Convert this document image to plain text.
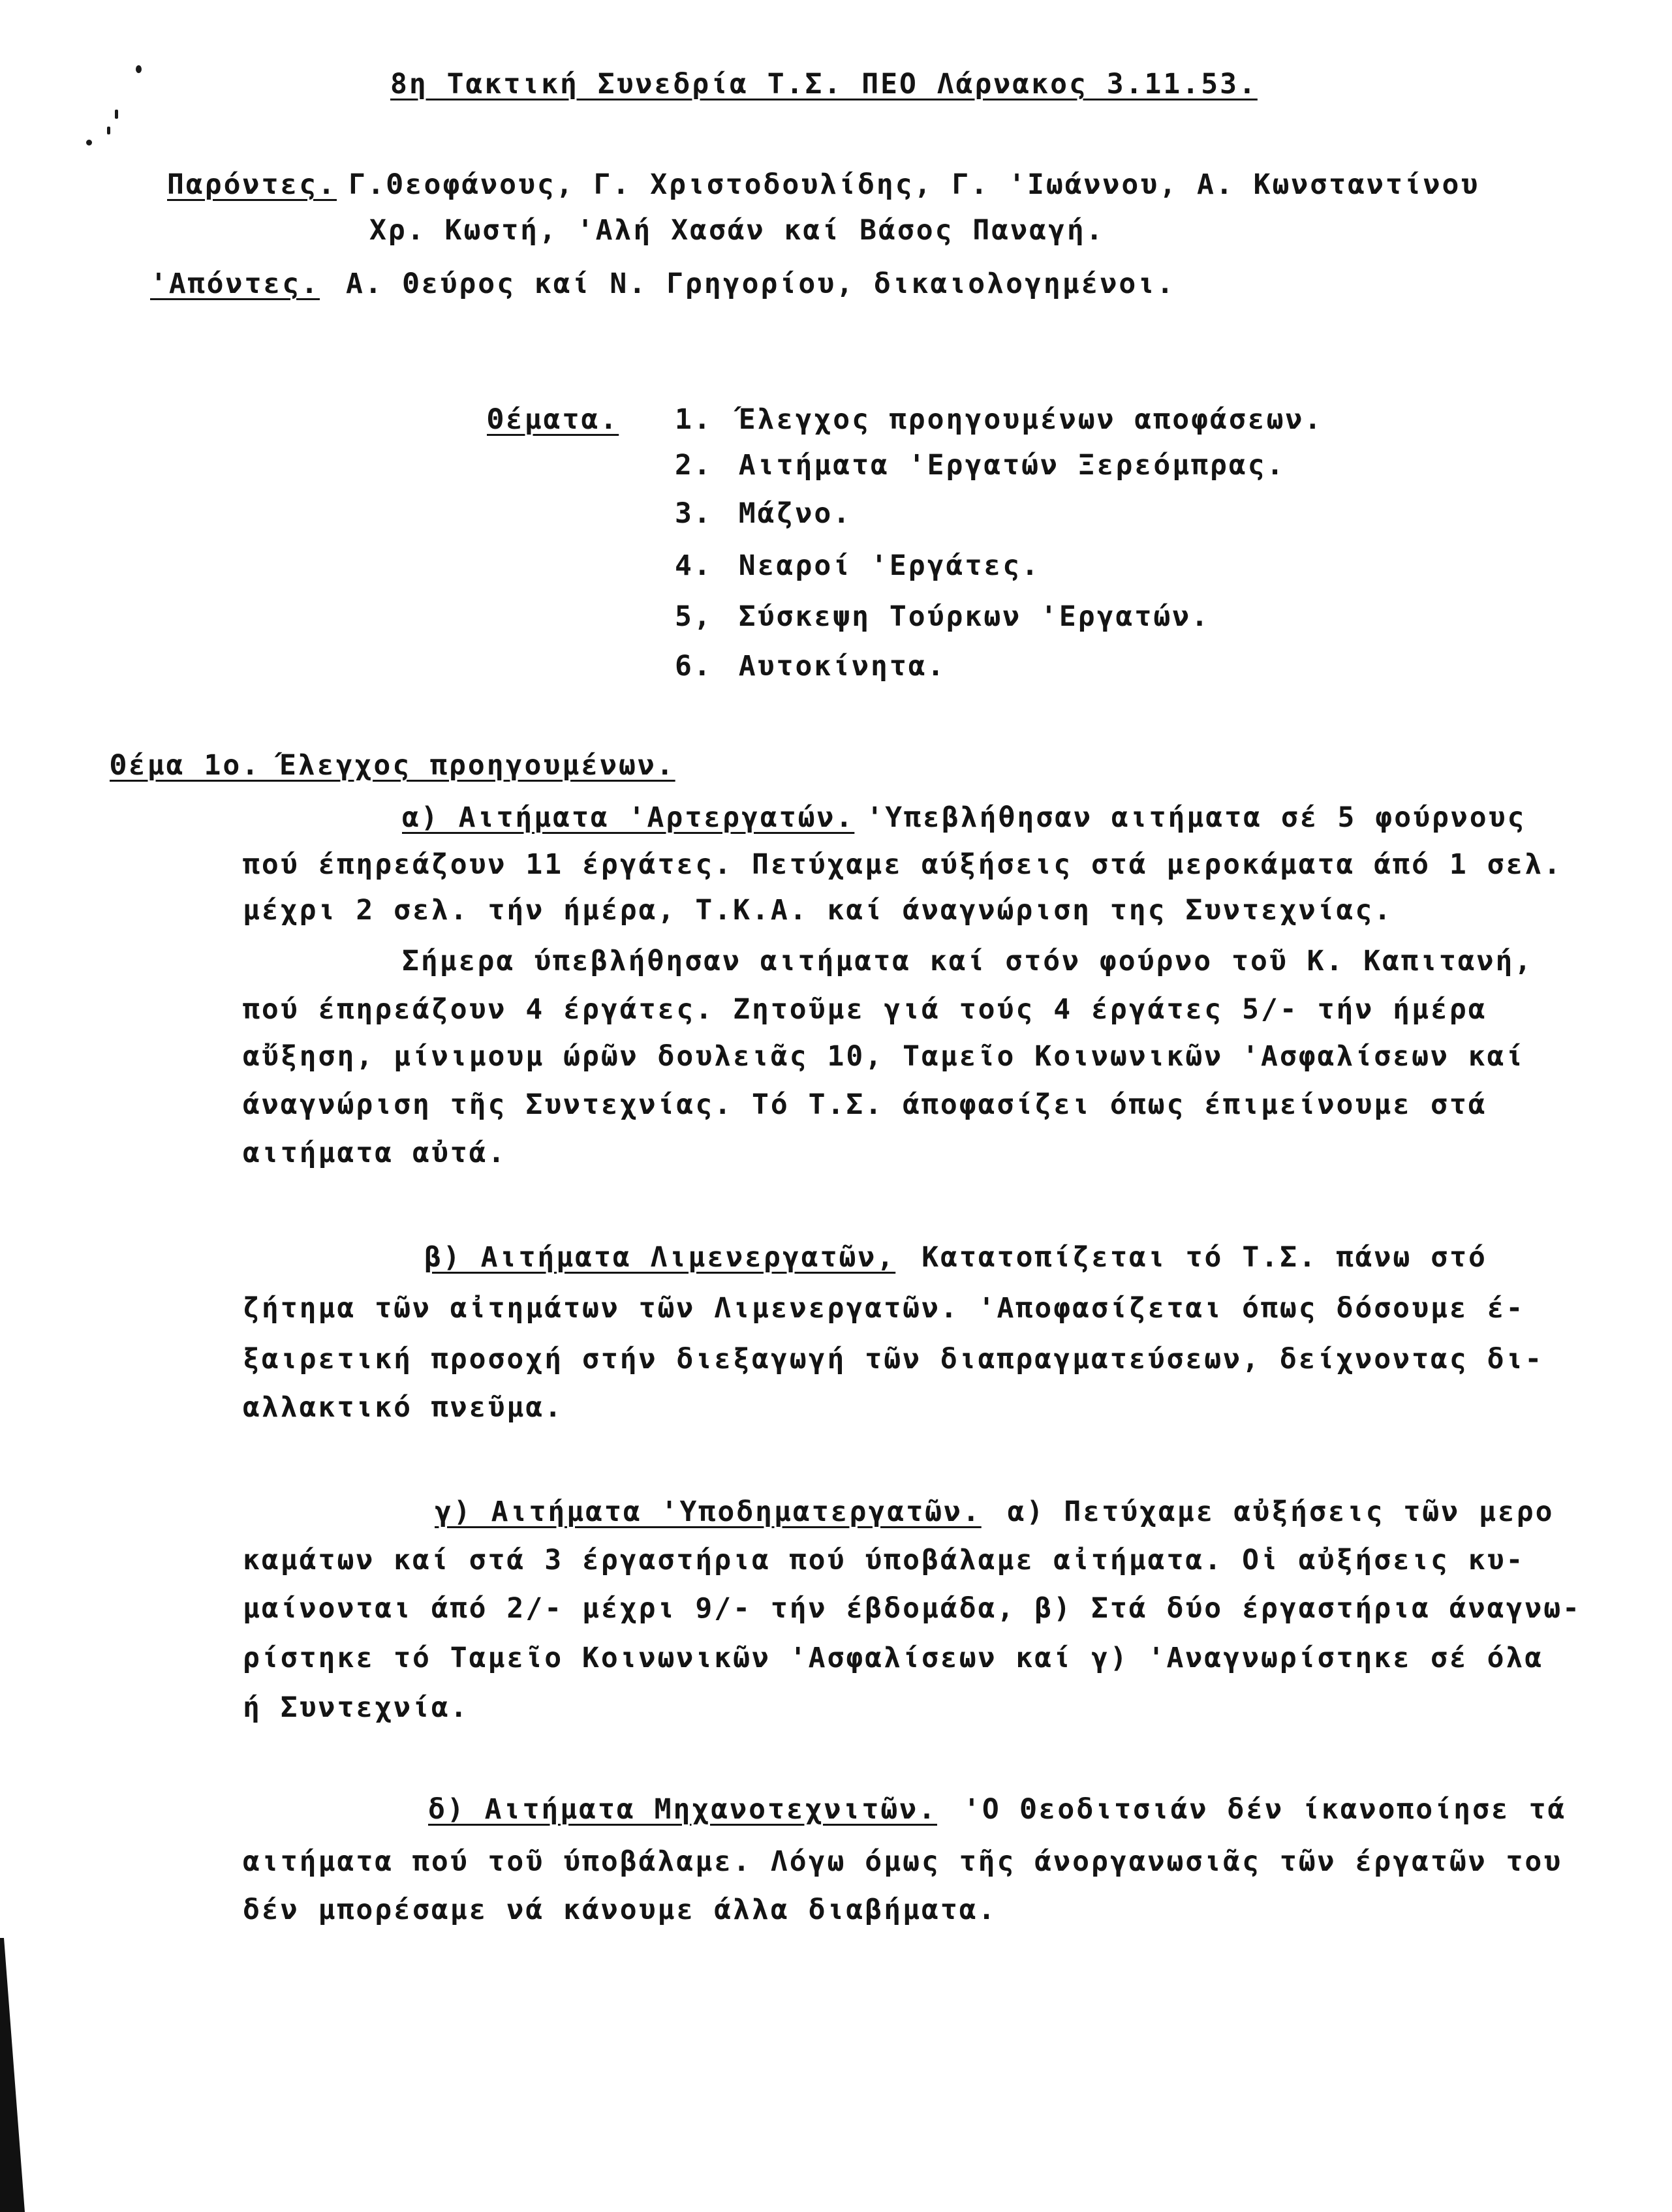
8η Τακτική Συνεδρία Τ.Σ. ΠΕΟ Λάρνακος 3.11.53.
Παρόντες. Γ.Θεοφάνους, Γ. Χριστοδουλίδης, Γ. 'Ιωάννου, Α. Κωνσταντίνου
Χρ. Κωστή, 'Αλή Χασάν καί Βάσος Παναγή.
'Απόντες. Α. Θεύρος καί Ν. Γρηγορίου, δικαιολογημένοι.
Θέματα. 1. Έλεγχος προηγουμένων αποφάσεων.
2. Αιτήματα 'Εργατών Ξερεόμπρας.
3. Μάζνο.
4. Νεαροί 'Εργάτες.
5, Σύσκεψη Τούρκων 'Εργατών.
6. Αυτοκίνητα.
Θέμα 1ο. Έλεγχος προηγουμένων.
α) Αιτήματα 'Αρτεργατών. 'Υπεβλήθησαν αιτήματα σέ 5 φούρνους
πού έπηρεάζουν 11 έργάτες. Πετύχαμε αύξήσεις στά μεροκάματα άπό 1 σελ.
μέχρι 2 σελ. τήν ήμέρα, Τ.Κ.Α. καί άναγνώριση της Συντεχνίας.
Σήμερα ύπεβλήθησαν αιτήματα καί στόν φούρνο τοῦ Κ. Καπιτανή,
πού έπηρεάζουν 4 έργάτες. Ζητοῦμε γιά τούς 4 έργάτες 5/- τήν ήμέρα
αὔξηση, μίνιμουμ ώρῶν δουλειᾶς 10, Ταμεῖο Κοινωνικῶν 'Ασφαλίσεων καί
άναγνώριση τῆς Συντεχνίας. Τό Τ.Σ. άποφασίζει όπως έπιμείνουμε στά
αιτήματα αὐτά.
β) Αιτήματα Λιμενεργατῶν, Κατατοπίζεται τό Τ.Σ. πάνω στό
ζήτημα τῶν αἰτημάτων τῶν Λιμενεργατῶν. 'Αποφασίζεται όπως δόσουμε έ-
ξαιρετική προσοχή στήν διεξαγωγή τῶν διαπραγματεύσεων, δείχνοντας δι-
αλλακτικό πνεῦμα.
γ) Αιτήματα 'Υποδηματεργατῶν. α) Πετύχαμε αὐξήσεις τῶν μερο
καμάτων καί στά 3 έργαστήρια πού ύποβάλαμε αἰτήματα. Οἱ αὐξήσεις κυ-
μαίνονται άπό 2/- μέχρι 9/- τήν έβδομάδα, β) Στά δύο έργαστήρια άναγνω-
ρίστηκε τό Ταμεῖο Κοινωνικῶν 'Ασφαλίσεων καί γ) 'Αναγνωρίστηκε σέ όλα
ή Συντεχνία.
δ) Αιτήματα Μηχανοτεχνιτῶν. 'Ο Θεοδιτσιάν δέν ίκανοποίησε τά
αιτήματα πού τοῦ ύποβάλαμε. Λόγω όμως τῆς άνοργανωσιᾶς τῶν έργατῶν του
δέν μπορέσαμε νά κάνουμε άλλα διαβήματα.
